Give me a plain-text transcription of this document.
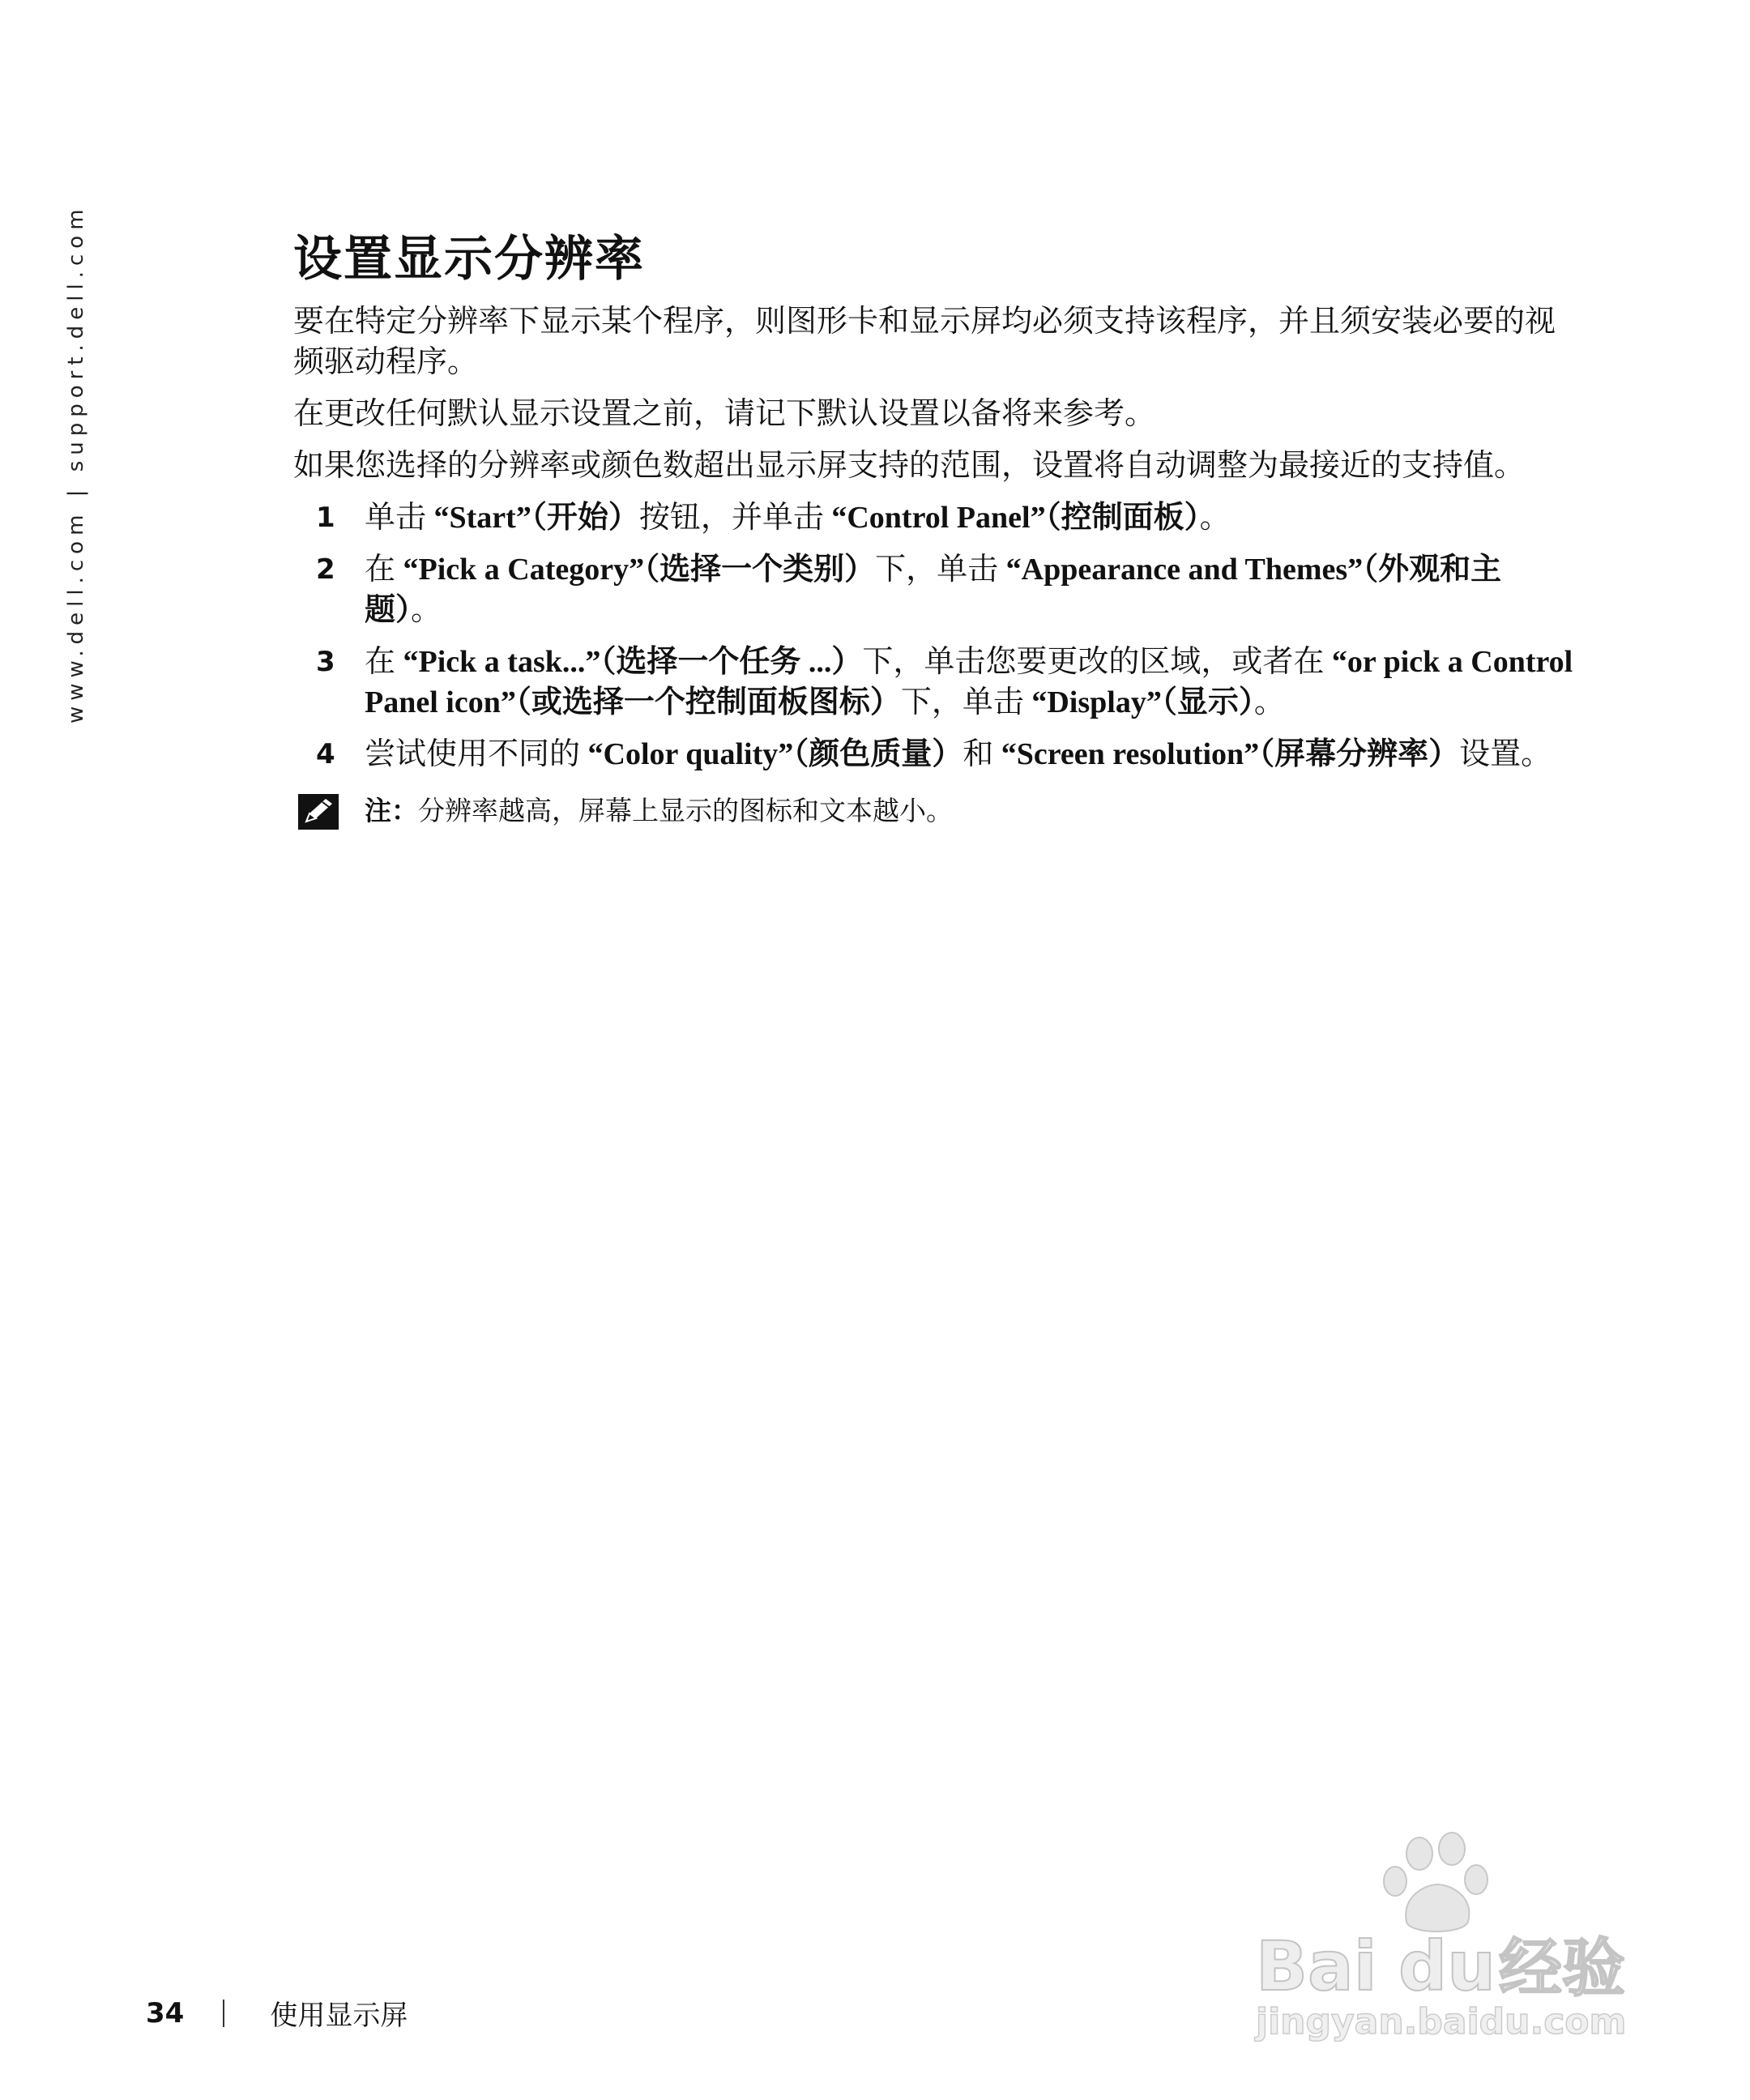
www.dell.com | support.dell.com	设置显示分辨率

要在特定分辨率下显示某个程序，则图形卡和显示屏均必须支持该程序，并且须安装必要的视频驱动程序。

在更改任何默认显示设置之前，请记下默认设置以备将来参考。

如果您选择的分辨率或颜色数超出显示屏支持的范围，设置将自动调整为最接近的支持值。

1 单击 “Start”（开始）按钮，并单击 “Control Panel”（控制面板）。
2 在 “Pick a Category”（选择一个类别）下，单击 “Appearance and Themes”（外观和主题）。
3 在 “Pick a task...”（选择一个任务 ...）下，单击您要更改的区域，或者在 “or pick a Control Panel icon”（或选择一个控制面板图标）下，单击 “Display”（显示）。
4 尝试使用不同的 “Color quality”（颜色质量）和 “Screen resolution”（屏幕分辨率）设置。
注：分辨率越高，屏幕上显示的图标和文本越小。
34	使用显示屏
Bai du 经验
jingyan.baidu.com
